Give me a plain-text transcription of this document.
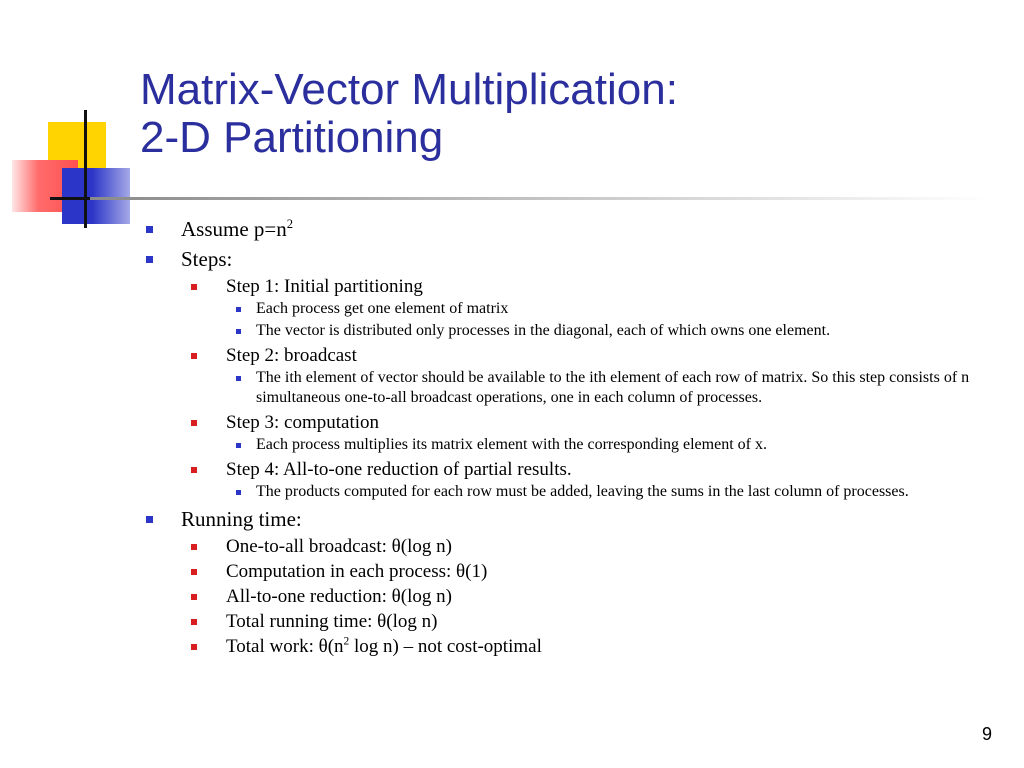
Matrix-Vector Multiplication:
2-D Partitioning
Assume $p=n^2$
Steps:
Step 1: Initial partitioning
Each process get one element of matrix
The vector is distributed only processes in the diagonal, each of which owns one element.
Step 2: broadcast
The ith element of vector should be available to the ith element of each row of matrix. So this step consists of n simultaneous one-to-all broadcast operations, one in each column of processes.
Step 3: computation
Each process multiplies its matrix element with the corresponding element of x.
Step 4: All-to-one reduction of partial results.
The products computed for each row must be added, leaving the sums in the last column of processes.
Running time:
One-to-all broadcast: θ(log n)
Computation in each process: θ(1)
All-to-one reduction: θ(log n)
Total running time: θ(log n)
Total work: $\theta(n^2$ log n) – not cost-optimal
9
